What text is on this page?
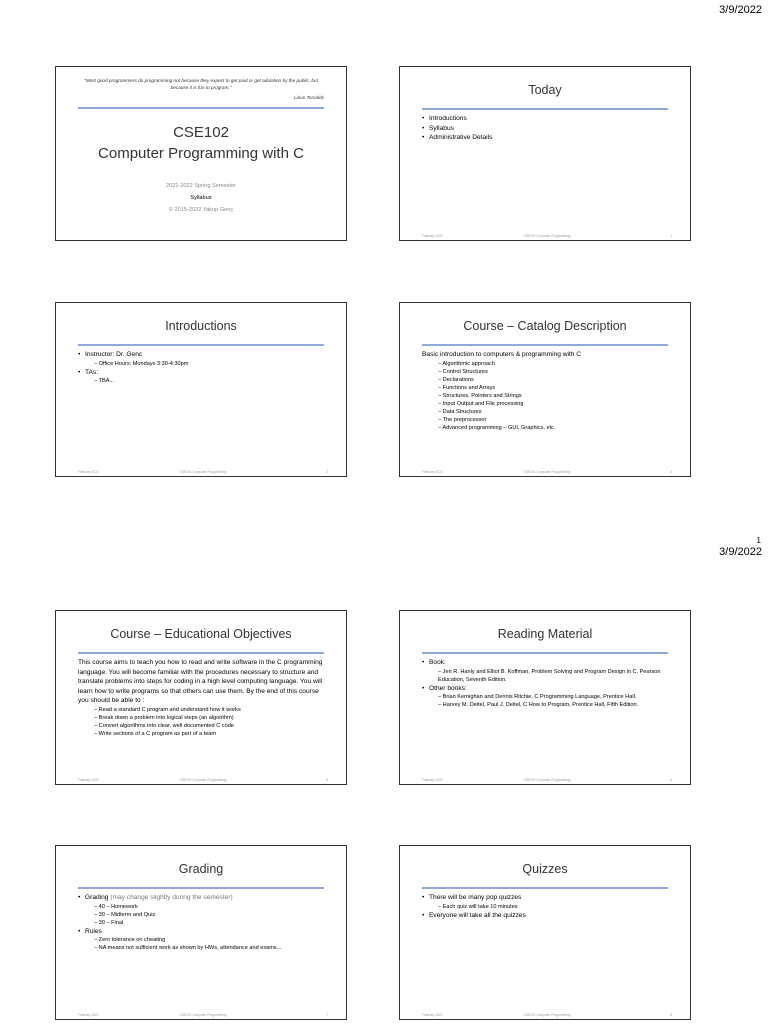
3/9/2022
1
3/9/2022
"Most good programmers do programming not because they expect to get paid or get adulation by the public, but because it is fun to program."
- Linus Torvalds
CSE102
Computer Programming with C
2021-2022 Spring Semester
Syllabus
© 2015-2022 Yakup Genç
Today
• Introductions
• Syllabus
• Administrative Details
February 2022	CSE102 Computer Programming	2
Introductions
• Instructor: Dr. Genc
– Office Hours: Mondays 3:30-4:30pm
• TAs:
– TBA...
February 2022	CSE102 Computer Programming	3
Course – Catalog Description
Basic introduction to computers & programming with C
– Algorithmic approach
– Control Structures
– Declarations
– Functions and Arrays
– Structures, Pointers and Strings
– Input Output and File processing
– Data Structures
– The preprocessor
– Advanced programming – GUI, Graphics, etc.
February 2022	CSE102 Computer Programming	4
Course – Educational Objectives
This course aims to teach you how to read and write software in the C programming language. You will become familiar with the procedures necessary to structure and translate problems into steps for coding in a high level computing language. You will learn how to write programs so that others can use them. By the end of this course you should be able to :
– Read a standard C program and understand how it works
– Break down a problem into logical steps (an algorithm)
– Convert algorithms into clear, well documented C code
– Write sections of a C program as part of a team
February 2022	CSE102 Computer Programming	5
Reading Material
• Book:
– Jeri R. Hanly and Elliot B. Koffman, Problem Solving and Program Design in C, Pearson Education, Seventh Edition.
• Other books:
– Brian Kernighan and Dennis Ritchie, C Programming Language, Prentice Hall.
– Harvey M. Deitel, Paul J. Deitel, C How to Program, Prentice Hall, Fifth Edition.
February 2022	CSE102 Computer Programming	6
Grading
• Grading (may change slightly during the semester)
– 40 – Homework
– 30 – Midterm and Quiz
– 30 – Final
• Rules
– Zero tolerance on cheating
– NA means not sufficient work as shown by HWs, attendance and exams...
February 2022	CSE102 Computer Programming	7
Quizzes
• There will be many pop quizzes
– Each quiz will take 10 minutes
• Everyone will take all the quizzes
February 2022	CSE102 Computer Programming	8
